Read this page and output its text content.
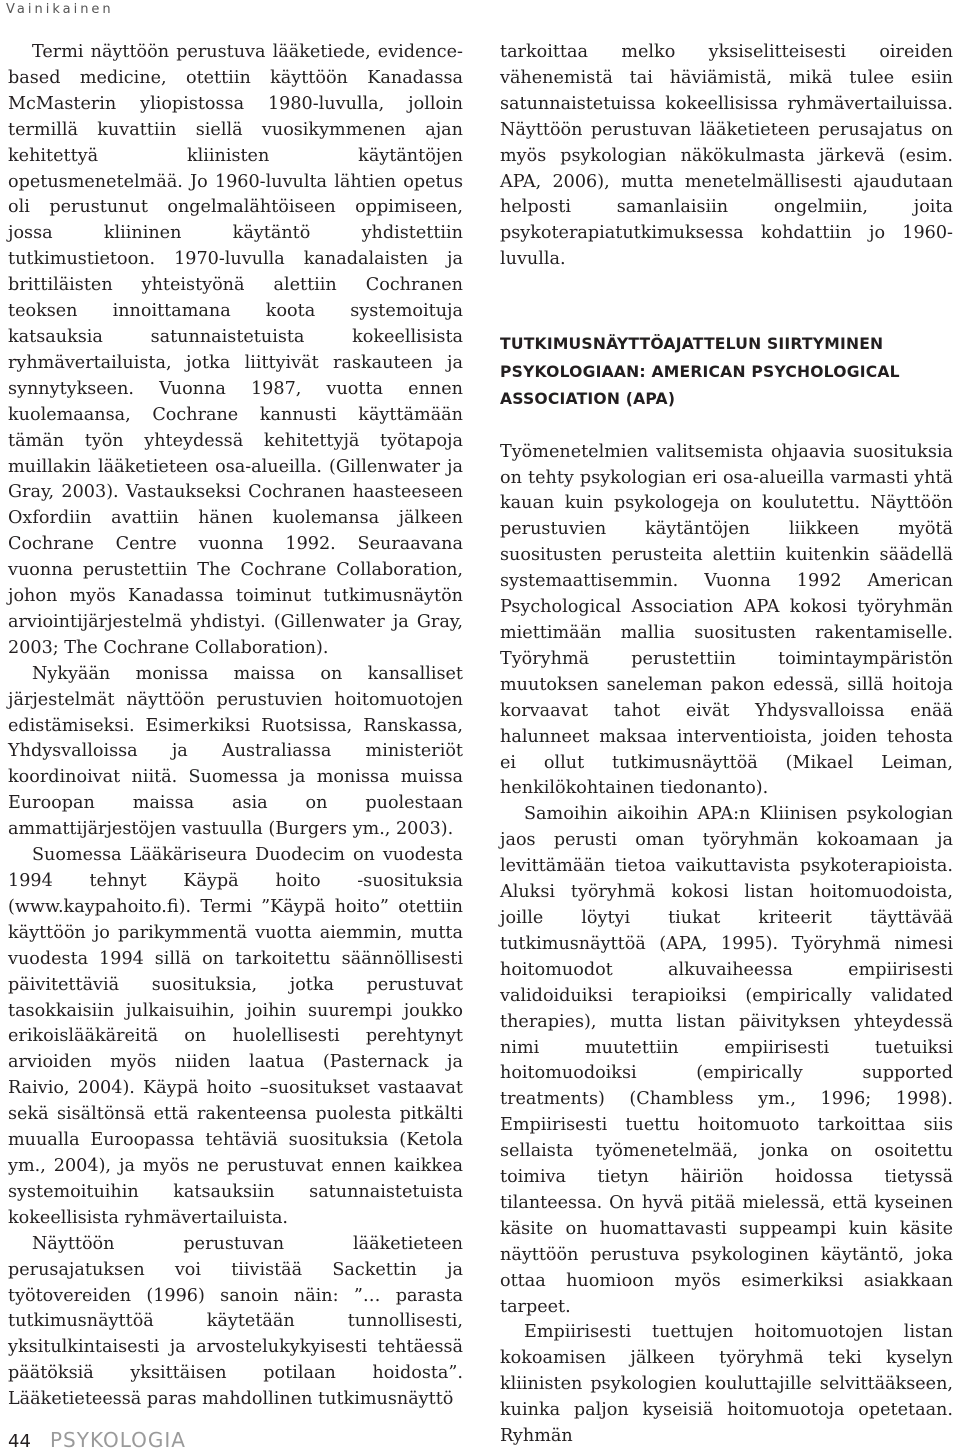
Vainikainen

Termi näyttöön perustuva lääketiede, evidence-based medicine, otettiin käyttöön Kanadassa McMasterin yliopistossa 1980-luvulla, jolloin termillä kuvattiin siellä vuosikymmenen ajan kehitettyä kliinisten käytäntöjen opetusmenetelmää. Jo 1960-luvulta lähtien opetus oli perustunut ongelmalähtöiseen oppimiseen, jossa kliininen käytäntö yhdistettiin tutkimustietoon. 1970-luvulla kanadalaisten ja brittiläisten yhteistyönä alettiin Cochranen teoksen innoittamana koota systemoituja katsauksia satunnaistetuista kokeellisista ryhmävertailuista, jotka liittyivät raskauteen ja synnytykseen. Vuonna 1987, vuotta ennen kuolemaansa, Cochrane kannusti käyttämään tämän työn yhteydessä kehitettyjä työtapoja muillakin lääketieteen osa-alueilla. (Gillenwater ja Gray, 2003). Vastaukseksi Cochranen haasteeseen Oxfordiin avattiin hänen kuolemansa jälkeen Cochrane Centre vuonna 1992. Seuraavana vuonna perustettiin The Cochrane Collaboration, johon myös Kanadassa toiminut tutkimusnäytön arviointijärjestelmä yhdistyi. (Gillenwater ja Gray, 2003; The Cochrane Collaboration).

Nykyään monissa maissa on kansalliset järjestelmät näyttöön perustuvien hoitomuotojen edistämiseksi. Esimerkiksi Ruotsissa, Ranskassa, Yhdysvalloissa ja Australiassa ministeriöt koordinoivat niitä. Suomessa ja monissa muissa Euroopan maissa asia on puolestaan ammattijärjestöjen vastuulla (Burgers ym., 2003).

Suomessa Lääkäriseura Duodecim on vuodesta 1994 tehnyt Käypä hoito -suosituksia (www.kaypahoito.fi). Termi ”Käypä hoito” otettiin käyttöön jo parikymmentä vuotta aiemmin, mutta vuodesta 1994 sillä on tarkoitettu säännöllisesti päivitettäviä suosituksia, jotka perustuvat tasokkaisiin julkaisuihin, joihin suurempi joukko erikoislääkäreitä on huolellisesti perehtynyt arvioiden myös niiden laatua (Pasternack ja Raivio, 2004). Käypä hoito –suositukset vastaavat sekä sisältönsä että rakenteensa puolesta pitkälti muualla Euroopassa tehtäviä suosituksia (Ketola ym., 2004), ja myös ne perustuvat ennen kaikkea systemoituihin katsauksiin satunnaistetuista kokeellisista ryhmävertailuista.

Näyttöön perustuvan lääketieteen perusajatuksen voi tiivistää Sackettin ja työtovereiden (1996) sanoin näin: ”… parasta tutkimusnäyttöä käytetään tunnollisesti, yksitulkintaisesti ja arvostelukykyisesti tehtäessä päätöksiä yksittäisen potilaan hoidosta”. Lääketieteessä paras mahdollinen tutkimusnäyttö

tarkoittaa melko yksiselitteisesti oireiden vähenemistä tai häviämistä, mikä tulee esiin satunnaistetuissa kokeellisissa ryhmävertailuissa. Näyttöön perustuvan lääketieteen perusajatus on myös psykologian näkökulmasta järkevä (esim. APA, 2006), mutta menetelmällisesti ajaudutaan helposti samanlaisiin ongelmiin, joita psykoterapiatutkimuksessa kohdattiin jo 1960-luvulla.

TUTKIMUSNÄYTTÖAJATTELUN SIIRTYMINEN PSYKOLOGIAAN: AMERICAN PSYCHOLOGICAL ASSOCIATION (APA)

Työmenetelmien valitsemista ohjaavia suosituksia on tehty psykologian eri osa-alueilla varmasti yhtä kauan kuin psykologeja on koulutettu. Näyttöön perustuvien käytäntöjen liikkeen myötä suositusten perusteita alettiin kuitenkin säädellä systemaattisemmin. Vuonna 1992 American Psychological Association APA kokosi työryhmän miettimään mallia suositusten rakentamiselle. Työryhmä perustettiin toimintaympäristön muutoksen saneleman pakon edessä, sillä hoitoja korvaavat tahot eivät Yhdysvalloissa enää halunneet maksaa interventioista, joiden tehosta ei ollut tutkimusnäyttöä (Mikael Leiman, henkilökohtainen tiedonanto).

Samoihin aikoihin APA:n Kliinisen psykologian jaos perusti oman työryhmän kokoamaan ja levittämään tietoa vaikuttavista psykoterapioista. Aluksi työryhmä kokosi listan hoitomuodoista, joille löytyi tiukat kriteerit täyttävää tutkimusnäyttöä (APA, 1995). Työryhmä nimesi hoitomuodot alkuvaiheessa empiirisesti validoiduiksi terapioiksi (empirically validated therapies), mutta listan päivityksen yhteydessä nimi muutettiin empiirisesti tuetuiksi hoitomuodoiksi (empirically supported treatments) (Chambless ym., 1996; 1998). Empiirisesti tuettu hoitomuoto tarkoittaa siis sellaista työmenetelmää, jonka on osoitettu toimiva tietyn häiriön hoidossa tietyssä tilanteessa. On hyvä pitää mielessä, että kyseinen käsite on huomattavasti suppeampi kuin käsite näyttöön perustuva psykologinen käytäntö, joka ottaa huomioon myös esimerkiksi asiakkaan tarpeet.

Empiirisesti tuettujen hoitomuotojen listan kokoamisen jälkeen työryhmä teki kyselyn kliinisten psykologien kouluttajille selvittääkseen, kuinka paljon kyseisiä hoitomuotoja opetetaan. Ryhmän

44 PSYKOLOGIA
